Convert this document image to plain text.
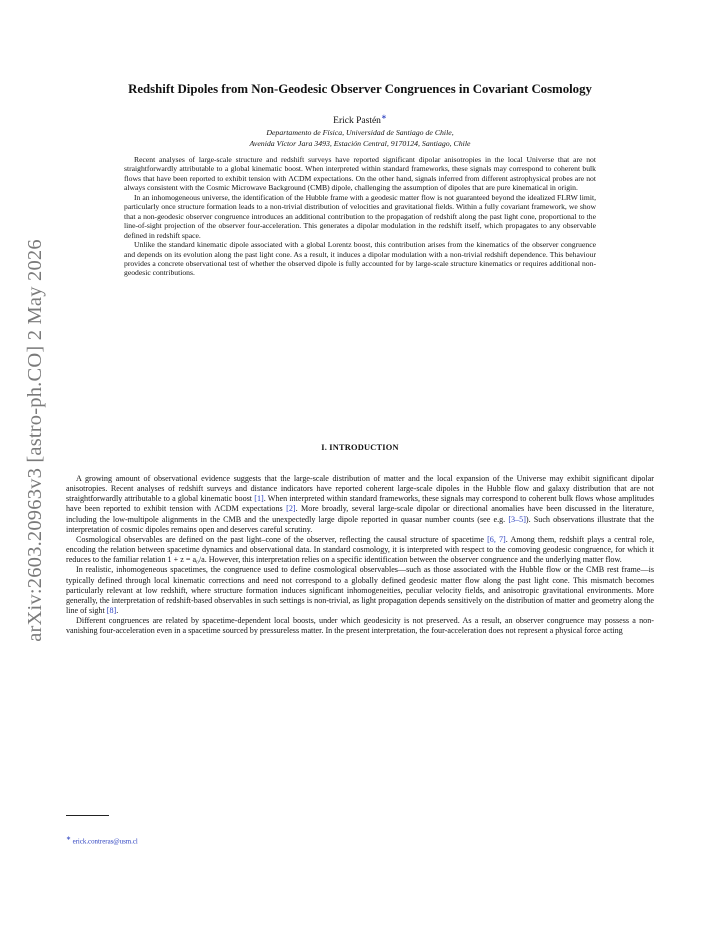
arXiv:2603.20963v3 [astro-ph.CO] 2 May 2026
Redshift Dipoles from Non-Geodesic Observer Congruences in Covariant Cosmology
Erick Pastén∗
Departamento de Física, Universidad de Santiago de Chile,
Avenida Víctor Jara 3493, Estación Central, 9170124, Santiago, Chile

Recent analyses of large-scale structure and redshift surveys have reported significant dipolar anisotropies in the local Universe that are not straightforwardly attributable to a global kinematic boost. When interpreted within standard frameworks, these signals may correspond to coherent bulk flows that have been reported to exhibit tension with ΛCDM expectations. On the other hand, signals inferred from different astrophysical probes are not always consistent with the Cosmic Microwave Background (CMB) dipole, challenging the assumption of dipoles that are pure kinematical in origin.

In an inhomogeneous universe, the identification of the Hubble frame with a geodesic matter flow is not guaranteed beyond the idealized FLRW limit, particularly once structure formation leads to a non-trivial distribution of velocities and gravitational fields. Within a fully covariant framework, we show that a non-geodesic observer congruence introduces an additional contribution to the propagation of redshift along the past light cone, proportional to the line-of-sight projection of the observer four-acceleration. This generates a dipolar modulation in the redshift itself, which propagates to any observable defined in redshift space.

Unlike the standard kinematic dipole associated with a global Lorentz boost, this contribution arises from the kinematics of the observer congruence and depends on its evolution along the past light cone. As a result, it induces a dipolar modulation with a non-trivial redshift dependence. This behaviour provides a concrete observational test of whether the observed dipole is fully accounted for by large-scale structure kinematics or requires additional non-geodesic contributions.

I. INTRODUCTION

A growing amount of observational evidence suggests that the large-scale distribution of matter and the local expansion of the Universe may exhibit significant dipolar anisotropies. Recent analyses of redshift surveys and distance indicators have reported coherent large-scale dipoles in the Hubble flow and galaxy distribution that are not straightforwardly attributable to a global kinematic boost [1]. When interpreted within standard frameworks, these signals may correspond to coherent bulk flows whose amplitudes have been reported to exhibit tension with ΛCDM expectations [2]. More broadly, several large-scale dipolar or directional anomalies have been discussed in the literature, including the low-multipole alignments in the CMB and the unexpectedly large dipole reported in quasar number counts (see e.g. [3–5]). Such observations illustrate that the interpretation of cosmic dipoles remains open and deserves careful scrutiny.

Cosmological observables are defined on the past light–cone of the observer, reflecting the causal structure of spacetime [6, 7]. Among them, redshift plays a central role, encoding the relation between spacetime dynamics and observational data. In standard cosmology, it is interpreted with respect to the comoving geodesic congruence, for which it reduces to the familiar relation 1 + z = a₀/a. However, this interpretation relies on a specific identification between the observer congruence and the underlying matter flow.

In realistic, inhomogeneous spacetimes, the congruence used to define cosmological observables—such as those associated with the Hubble flow or the CMB rest frame—is typically defined through local kinematic corrections and need not correspond to a globally defined geodesic matter flow along the past light cone. This mismatch becomes particularly relevant at low redshift, where structure formation induces significant inhomogeneities, peculiar velocity fields, and anisotropic gravitational environments. More generally, the interpretation of redshift-based observables in such settings is non-trivial, as light propagation depends sensitively on the distribution of matter and geometry along the line of sight [8].

Different congruences are related by spacetime-dependent local boosts, under which geodesicity is not preserved. As a result, an observer congruence may possess a non-vanishing four-acceleration even in a spacetime sourced by pressureless matter. In the present interpretation, the four-acceleration does not represent a physical force acting

∗ erick.contreras@usm.cl
